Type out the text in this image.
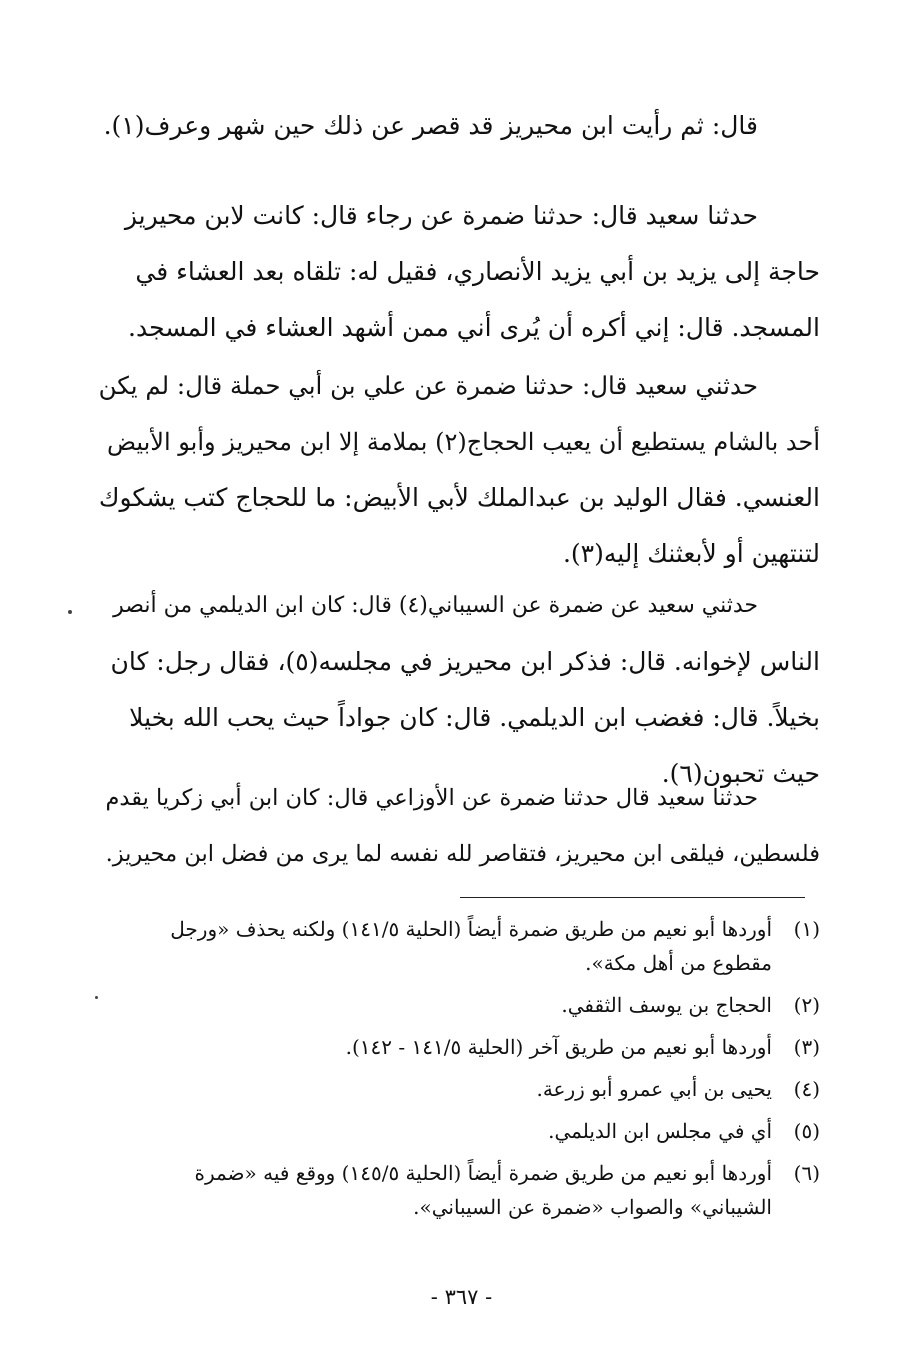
قال: ثم رأيت ابن محيريز قد قصر عن ذلك حين شهر وعرف(١).
حدثنا سعيد قال: حدثنا ضمرة عن رجاء قال: كانت لابن محيريز
حاجة إلى يزيد بن أبي يزيد الأنصاري، فقيل له: تلقاه بعد العشاء في
المسجد. قال: إني أكره أن يُرى أني ممن أشهد العشاء في المسجد.
حدثني سعيد قال: حدثنا ضمرة عن علي بن أبي حملة قال: لم يكن
أحد بالشام يستطيع أن يعيب الحجاج(٢) بملامة إلا ابن محيريز وأبو الأبيض
العنسي. فقال الوليد بن عبدالملك لأبي الأبيض: ما للحجاج كتب يشكوك
لتنتهين أو لأبعثنك إليه(٣).
حدثني سعيد عن ضمرة عن السيباني(٤) قال: كان ابن الديلمي من أنصر
الناس لإخوانه. قال: فذكر ابن محيريز في مجلسه(٥)، فقال رجل: كان
بخيلاً. قال: فغضب ابن الديلمي. قال: كان جواداً حيث يحب الله بخيلا
حيث تحبون(٦).
حدثنا سعيد قال حدثنا ضمرة عن الأوزاعي قال: كان ابن أبي زكريا يقدم
فلسطين، فيلقى ابن محيريز، فتقاصر لله نفسه لما يرى من فضل ابن محيريز.
(١)
أوردها أبو نعيم من طريق ضمرة أيضاً (الحلية ١٤١/٥) ولكنه يحذف «ورجل
مقطوع من أهل مكة».
(٢)
الحجاج بن يوسف الثقفي.
(٣)
أوردها أبو نعيم من طريق آخر (الحلية ١٤١/٥ - ١٤٢).
(٤)
يحيى بن أبي عمرو أبو زرعة.
(٥)
أي في مجلس ابن الديلمي.
(٦)
أوردها أبو نعيم من طريق ضمرة أيضاً (الحلية ١٤٥/٥) ووقع فيه «ضمرة
الشيباني» والصواب «ضمرة عن السيباني».
- ٣٦٧ -
